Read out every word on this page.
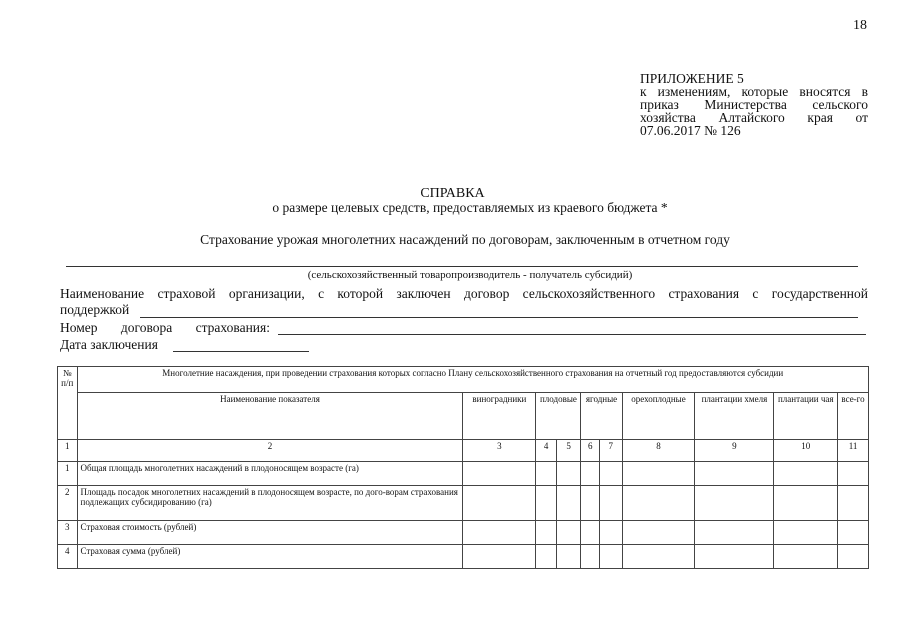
18
ПРИЛОЖЕНИЕ 5
к изменениям, которые вносятся в
приказ Министерства сельского
хозяйства Алтайского края от
07.06.2017 № 126
СПРАВКА
о размере целевых средств, предоставляемых из краевого бюджета *
Страхование урожая многолетних насаждений по договорам, заключенным в отчетном году
(сельскохозяйственный товаропроизводитель - получатель субсидий)
Наименование страховой организации, с которой заключен договор сельскохозяйственного страхования с государственной
поддержкой
Номер договора страхования:
Дата заключения
№ п/п	Многолетние насаждения, при проведении страхования которых согласно Плану сельскохозяйственного страхования на отчетный год предоставляются субсидии									
	Наименование показателя	виноградники	плодовые		ягодные		орехоплодные	плантации хмеля	плантации чая	все-го
1	2	3	4	5	6	7	8	9	10	11
1	Общая площадь многолетних насаждений в плодоносящем возрасте (га)									
2	Площадь посадок многолетних насаждений в плодоносящем возрасте, по дого-ворам страхования подлежащих субсидированию (га)									
3	Страховая стоимость (рублей)									
4	Страховая сумма (рублей)									
